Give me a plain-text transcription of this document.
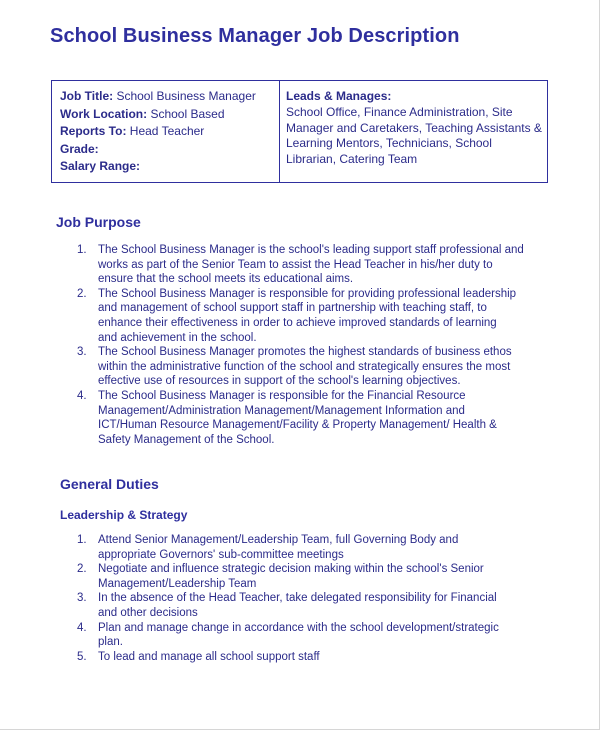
School Business Manager Job Description
Job Title: School Business Manager
Work Location: School Based
Reports To: Head Teacher
Grade:
Salary Range:
Leads & Manages:
School Office, Finance Administration, Site
Manager and Caretakers, Teaching Assistants &
Learning Mentors, Technicians, School
Librarian, Catering Team
Job Purpose
1. The School Business Manager is the school's leading support staff professional and
works as part of the Senior Team to assist the Head Teacher in his/her duty to
ensure that the school meets its educational aims.
2. The School Business Manager is responsible for providing professional leadership
and management of school support staff in partnership with teaching staff, to
enhance their effectiveness in order to achieve improved standards of learning
and achievement in the school.
3. The School Business Manager promotes the highest standards of business ethos
within the administrative function of the school and strategically ensures the most
effective use of resources in support of the school's learning objectives.
4. The School Business Manager is responsible for the Financial Resource
Management/Administration Management/Management Information and
ICT/Human Resource Management/Facility & Property Management/ Health &
Safety Management of the School.
General Duties
Leadership & Strategy
1. Attend Senior Management/Leadership Team, full Governing Body and
appropriate Governors' sub-committee meetings
2. Negotiate and influence strategic decision making within the school's Senior
Management/Leadership Team
3. In the absence of the Head Teacher, take delegated responsibility for Financial
and other decisions
4. Plan and manage change in accordance with the school development/strategic
plan.
5. To lead and manage all school support staff
